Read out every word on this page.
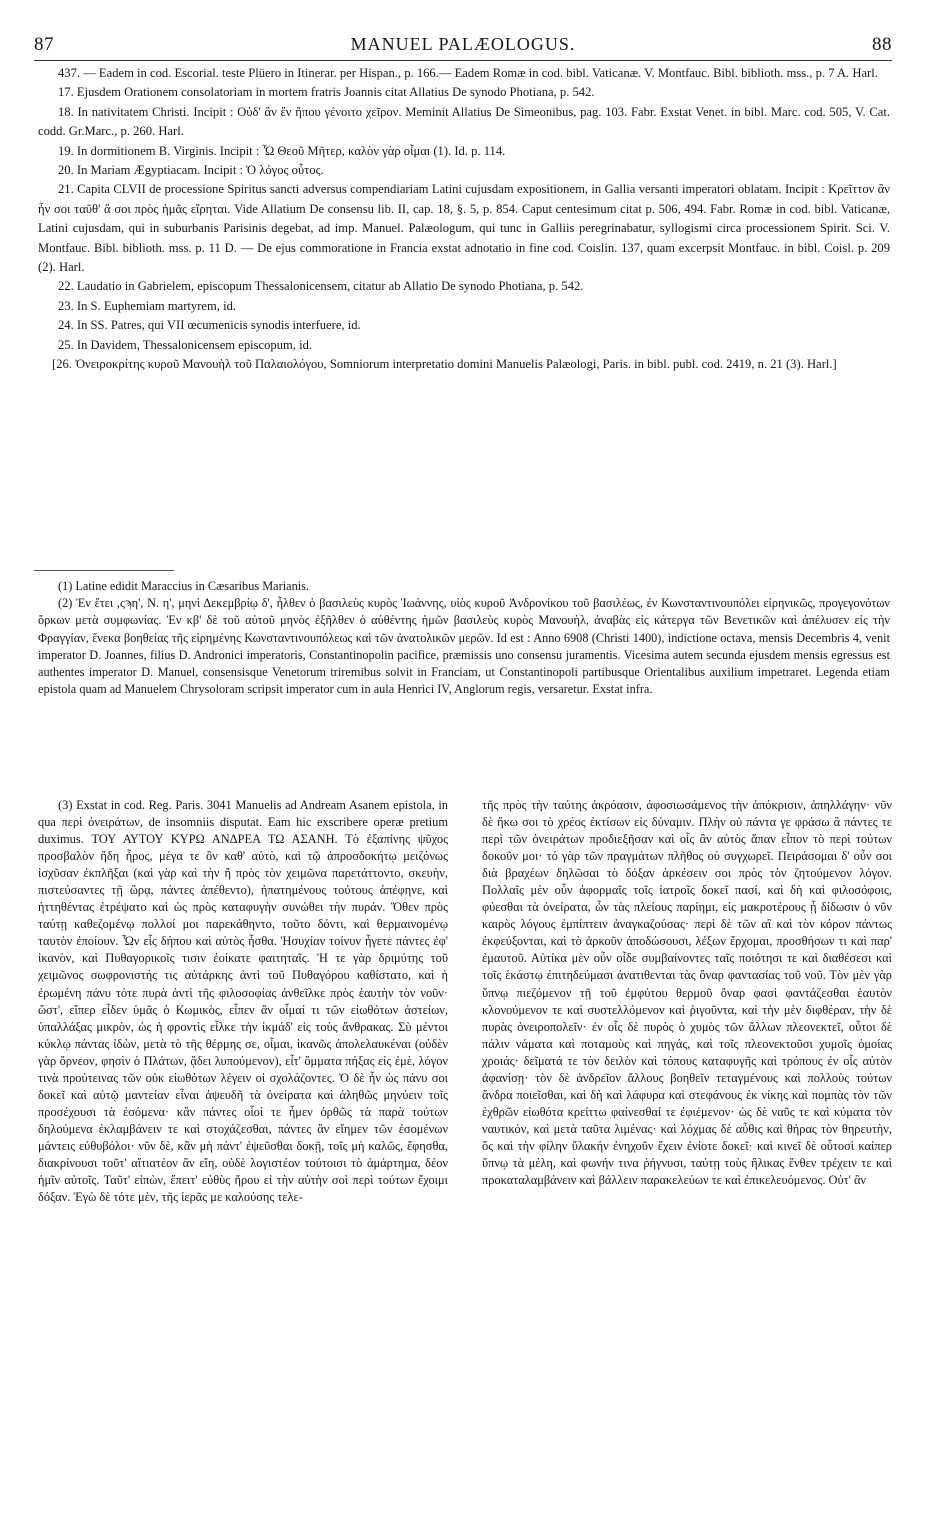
87	MANUEL PALÆOLOGUS.	88

437. — Eadem in cod. Escorial. teste Plüero in Itinerar. per Hispan., p. 166.— Eadem Romæ in cod. bibl. Vaticanæ. V. Montfauc. Bibl. biblioth. mss., p. 7 A. Harl.

17. Ejusdem Orationem consolatoriam in mortem fratris Joannis citat Allatius De synodo Photiana, p. 542.

18. In nativitatem Christi. Incipit : Οὐδ' ἂν ἔν ἤπου γένοιτο χεῖρον. Meminit Allatius De Simeonibus, pag. 103. Fabr. Exstat Venet. in bibl. Marc. cod. 505, V. Cat. codd. Gr.Marc., p. 260. Harl.

19. In dormitionem B. Virginis. Incipit : Ὦ Θεοῦ Μῆτερ, καλὸν γὰρ οἶμαι (1). Id. p. 114.

20. In Mariam Ægyptiacam. Incipit : Ὁ λόγος οὗτος.

21. Capita CLVII de processione Spiritus sancti adversus compendiariam Latini cujusdam expositionem, in Gallia versanti imperatori oblatam. Incipit : Κρεῖττον ἂν ἦν σοι ταῦθ' ἃ σοι πρὸς ἡμᾶς εἴρηται. Vide Allatium De consensu lib. II, cap. 18, §. 5, p. 854. Caput centesimum citat p. 506, 494. Fabr. Romæ in cod. bibl. Vaticanæ, Latini cujusdam, qui in suburbanis Parisinis degebat, ad imp. Manuel. Palæologum, qui tunc in Galliis peregrinabatur, syllogismi circa processionem Spirit. Sci. V. Montfauc. Bibl. biblioth. mss. p. 11 D. — De ejus commoratione in Francia exstat adnotatio in fine cod. Coislin. 137, quam excerpsit Montfauc. in bibl. Coisl. p. 209 (2). Harl.

22. Laudatio in Gabrielem, episcopum Thessalonicensem, citatur ab Allatio De synodo Photiana, p. 542.

23. In S. Euphemiam martyrem, id.

24. In SS. Patres, qui VII œcumenicis synodis interfuere, id.

25. In Davidem, Thessalonicensem episcopum, id.

[26. Ὀνειροκρίτης κυροῦ Μανουὴλ τοῦ Παλαιολόγου, Somniorum interpretatio domini Manuelis Palæologi, Paris. in bibl. publ. cod. 2419, n. 21 (3). Harl.]

(1) Latine edidit Maraccius in Cæsaribus Marianis.

(2) Ἐν ἔτει ,ςϡη', Ν. η', μηνὶ Δεκεμβρίῳ δ', ἦλθεν ὁ βασιλεὺς κυρὸς Ἰωάννης, υἱὸς κυροῦ Ἀνδρονίκου τοῦ βασιλέως, ἐν Κωνσταντινουπόλει εἰρηνικῶς, προγεγονότων ὅρκων μετὰ συμφωνίας. Ἐν κβ' δὲ τοῦ αὐτοῦ μηνὸς ἐξῆλθεν ὁ αὐθέντης ἡμῶν βασιλεὺς κυρὸς Μανουὴλ, ἀναβὰς εἰς κάτεργα τῶν Βενετικῶν καὶ ἀπέλυσεν εἰς τὴν Φραγγίαν, ἕνεκα βοηθείας τῆς εἰρημένης Κωνσταντινουπόλεως καὶ τῶν ἀνατολικῶν μερῶν. Id est : Anno 6908 (Christi 1400), indictione octava, mensis Decembris 4, venit imperator D. Joannes, filius D. Andronici imperatoris, Constantinopolin pacifice, præmissis uno consensu juramentis. Vicesima autem secunda ejusdem mensis egressus est authentes imperator D. Manuel, consensisque Venetorum triremibus solvit in Franciam, ut Constantinopoli partibusque Orientalibus auxilium impetraret. Legenda etiam epistola quam ad Manuelem Chrysoloram scripsit imperator cum in aula Henrici IV, Anglorum regis, versaretur. Exstat infra.

(3) Exstat in cod. Reg. Paris. 3041 Manuelis ad Andream Asanem epistola, in qua περὶ ὀνειράτων, de insomniis disputat. Eam hic exscribere operæ pretium duximus. ΤΟΥ ΑΥΤΟΥ ΚΥΡΩ ΑΝΔΡΕΑ ΤΩ ΑΣΑΝΗ. Τὸ ἐξαπίνης ψῦχος προσβαλὸν ἤδη ἦρος, μέγα τε ὂν καθ' αὑτὸ, καὶ τῷ ἀπροσδοκήτῳ μειζόνως ἰσχῦσαν ἐκπλῆξαι (καὶ γὰρ καὶ τὴν ἤ πρὸς τὸν χειμῶνα παρετάττοντο, σκευὴν, πιστεύσαντες τῇ ὥρᾳ, πάντες ἀπέθεντο), ἠπατημένους τούτους ἀπέφηνε, καὶ ἡττηθέντας ἐτρέψατο καὶ ὡς πρὸς καταφυγὴν συνώθει τὴν πυράν. Ὅθεν πρὸς ταύτῃ καθεζομένῳ πολλοί μοι παρεκάθηντο, τοῦτο δόντι, καὶ θερμαινομένῳ ταυτὸν ἐποίουν. Ὧν εἷς δήπου καὶ αὐτὸς ἦσθα. Ἡσυχίαν τοίνυν ἦγετε πάντες ἐφ' ἱκανὸν, καὶ Πυθαγορικοῖς τισιν ἐοίκατε φαιτηταῖς. Ἡ τε γὰρ δριμύτης τοῦ χειμῶνος σωφρονιστής τις αὐτάρκης ἀντὶ τοῦ Πυθαγόρου καθίστατο, καὶ ἡ ἐρωμένη πάνυ τότε πυρὰ ἀντὶ τῆς φιλοσοφίας ἀνθεῖλκε πρὸς ἑαυτὴν τὸν νοῦν· ὥστ', εἴπερ εἶδεν ὑμᾶς ὁ Κωμικὸς, εἶπεν ἂν οἶμαί τι τῶν εἰωθότων ἀστείων, ὑπαλλάξας μικρὸν, ὡς ἡ φροντὶς εἶλκε τὴν ἰκμάδ' εἰς τοὺς ἄνθρακας. Σὺ μέντοι κύκλῳ πάντας ἰδὼν, μετὰ τὸ τῆς θέρμης σε, οἶμαι, ἱκανῶς ἀπολελαυκέναι (οὐδὲν γὰρ ὄρνεον, φησὶν ὁ Πλάτων, ᾄδει λυπούμενον), εἶτ' ὄμματα πήξας εἰς ἐμὲ, λόγον τινὰ προύτεινας τῶν οὐκ εἰωθότων λέγειν οἱ σχολάζοντες. Ὁ δὲ ἦν ὡς πάνυ σοι δοκεῖ καὶ αὐτῷ μαντείαν εἶναι ἀψευδῆ τὰ ὀνείρατα καὶ ἀληθῶς μηνύειν τοῖς προσέχουσι τὰ ἐσόμενα· κἂν πάντες οἷοί τε ἦμεν ὀρθῶς τὰ παρὰ τούτων δηλούμενα ἐκλαμβάνειν τε καὶ στοχάζεσθαι, πάντες ἂν εἴημεν τῶν ἐσομένων μάντεις εὐθυβόλοι· νῦν δὲ, κἂν μὴ πάντ' ἐψεῦσθαι δοκῇ, τοῖς μὴ καλῶς, ἔφησθα, διακρίνουσι τοῦτ' αἴτιατέον ἂν εἴη, οὐδὲ λογιστέον τούτοισι τὸ ἁμάρτημα, δέον ἡμῖν αὐτοῖς. Ταῦτ' εἰπὼν, ἔπειτ' εὐθὺς ἤρου εἰ τὴν αὐτὴν σοὶ περὶ τούτων ἔχοιμι δόξαν. Ἐγὼ δὲ τότε μὲν, τῆς ἱερᾶς με καλούσης τελε-

τῆς πρὸς τὴν ταύτης ἀκρόασιν, ἀφοσιωσάμενος τὴν ἀπόκρισιν, ἀπηλλάγην· νῦν δὲ ἥκω σοι τὸ χρέος ἐκτίσων εἰς δύναμιν. Πλὴν οὐ πάντα γε φράσω ἃ πάντες τε περὶ τῶν ὀνειράτων προδιεξῆσαν καὶ οἷς ἂν αὐτὸς ἅπαν εἶπον τὸ περὶ τούτων δοκοῦν μοι· τό γὰρ τῶν πραγμάτων πλῆθος οὐ συγχωρεῖ. Πειράσομαι δ' οὖν σοι διὰ βραχέων δηλῶσαι τὸ δόξαν ἀρκέσειν σοι πρὸς τὸν ζητούμενον λόγον. Πολλαῖς μὲν οὖν ἀφορμαῖς τοῖς ἰατροῖς δοκεῖ πασί, καὶ δὴ καὶ φιλοσόφοις, φύεσθαι τὰ ὀνείρατα, ὧν τὰς πλείους παρίημι, εἰς μακροτέρους ᾗ δίδωσιν ὁ νῦν καιρὸς λόγους ἐμπίπτειν ἀναγκαζούσας· περὶ δὲ τῶν αἳ καὶ τὸν κόρον πάντως ἐκφεύξονται, καὶ τὸ ἀρκοῦν ἀποδώσουσι, λέξων ἔρχομαι, προσθήσων τι καὶ παρ' ἐμαυτοῦ. Αὐτίκα μὲν οὖν οἶδε συμβαίνοντες ταῖς ποιότησι τε καὶ διαθέσεσι καὶ τοῖς ἑκάστῳ ἐπιτηδεύμασι ἀνατιθενται τὰς ὄναρ φαντασίας τοῦ νοῦ. Τὸν μὲν γὰρ ὕπνῳ πιεζόμενον τῇ τοῦ ἐμφύτου θερμοῦ ὄναρ φασὶ φαντάζεσθαι ἑαυτὸν κλονούμενον τε καὶ συστελλόμενον καὶ ῥιγοῦντα, καὶ τὴν μὲν διφθέραν, τὴν δὲ πυρὰς ὀνειροπολεῖν· ἐν οἷς δὲ πυρὸς ὁ χυμὸς τῶν ἄλλων πλεονεκτεῖ, οὗτοι δὲ πάλιν νάματα καὶ ποταμοὺς καὶ πηγάς, καὶ τοῖς πλεονεκτοῦσι χυμοῖς ὁμοίας χροιάς· δεῖματά τε τὸν δειλὸν καὶ τόπους καταφυγῆς καὶ τρόπους ἐν οἷς αὐτὸν ἀφανίσῃ· τὸν δὲ ἀνδρεῖον ἄλλους βοηθεῖν τεταγμένους καὶ πολλοὺς τούτων ἄνδρα ποιεῖσθαι, καὶ δὴ καὶ λάφυρα καὶ στεφάνους ἐκ νίκης καὶ πομπὰς τὸν τῶν ἐχθρῶν εἰωθότα κρείττω φαίνεσθαί τε ἐφιέμενον· ὡς δὲ ναῦς τε καὶ κύματα τὸν ναυτικόν, καὶ μετὰ ταῦτα λιμένας· καὶ λόχμας δὲ αὖθις καὶ θήρας τὸν θηρευτὴν, ὅς καὶ τὴν φίλην ὕλακήν ἐνηχοῦν ἔχειν ἐνίοτε δοκεῖ· καὶ κινεῖ δὲ οὗτοσὶ καίπερ ὕπνῳ τὰ μέλη, καὶ φωνήν τινα ῥήγνυσι, ταύτῃ τοὺς ἥλικας ἔνθεν τρέχειν τε καὶ προκαταλαμβάνειν καὶ βάλλειν παρακελεύων τε καὶ ἐπικελευόμενος. Οὐτ' ἂν
